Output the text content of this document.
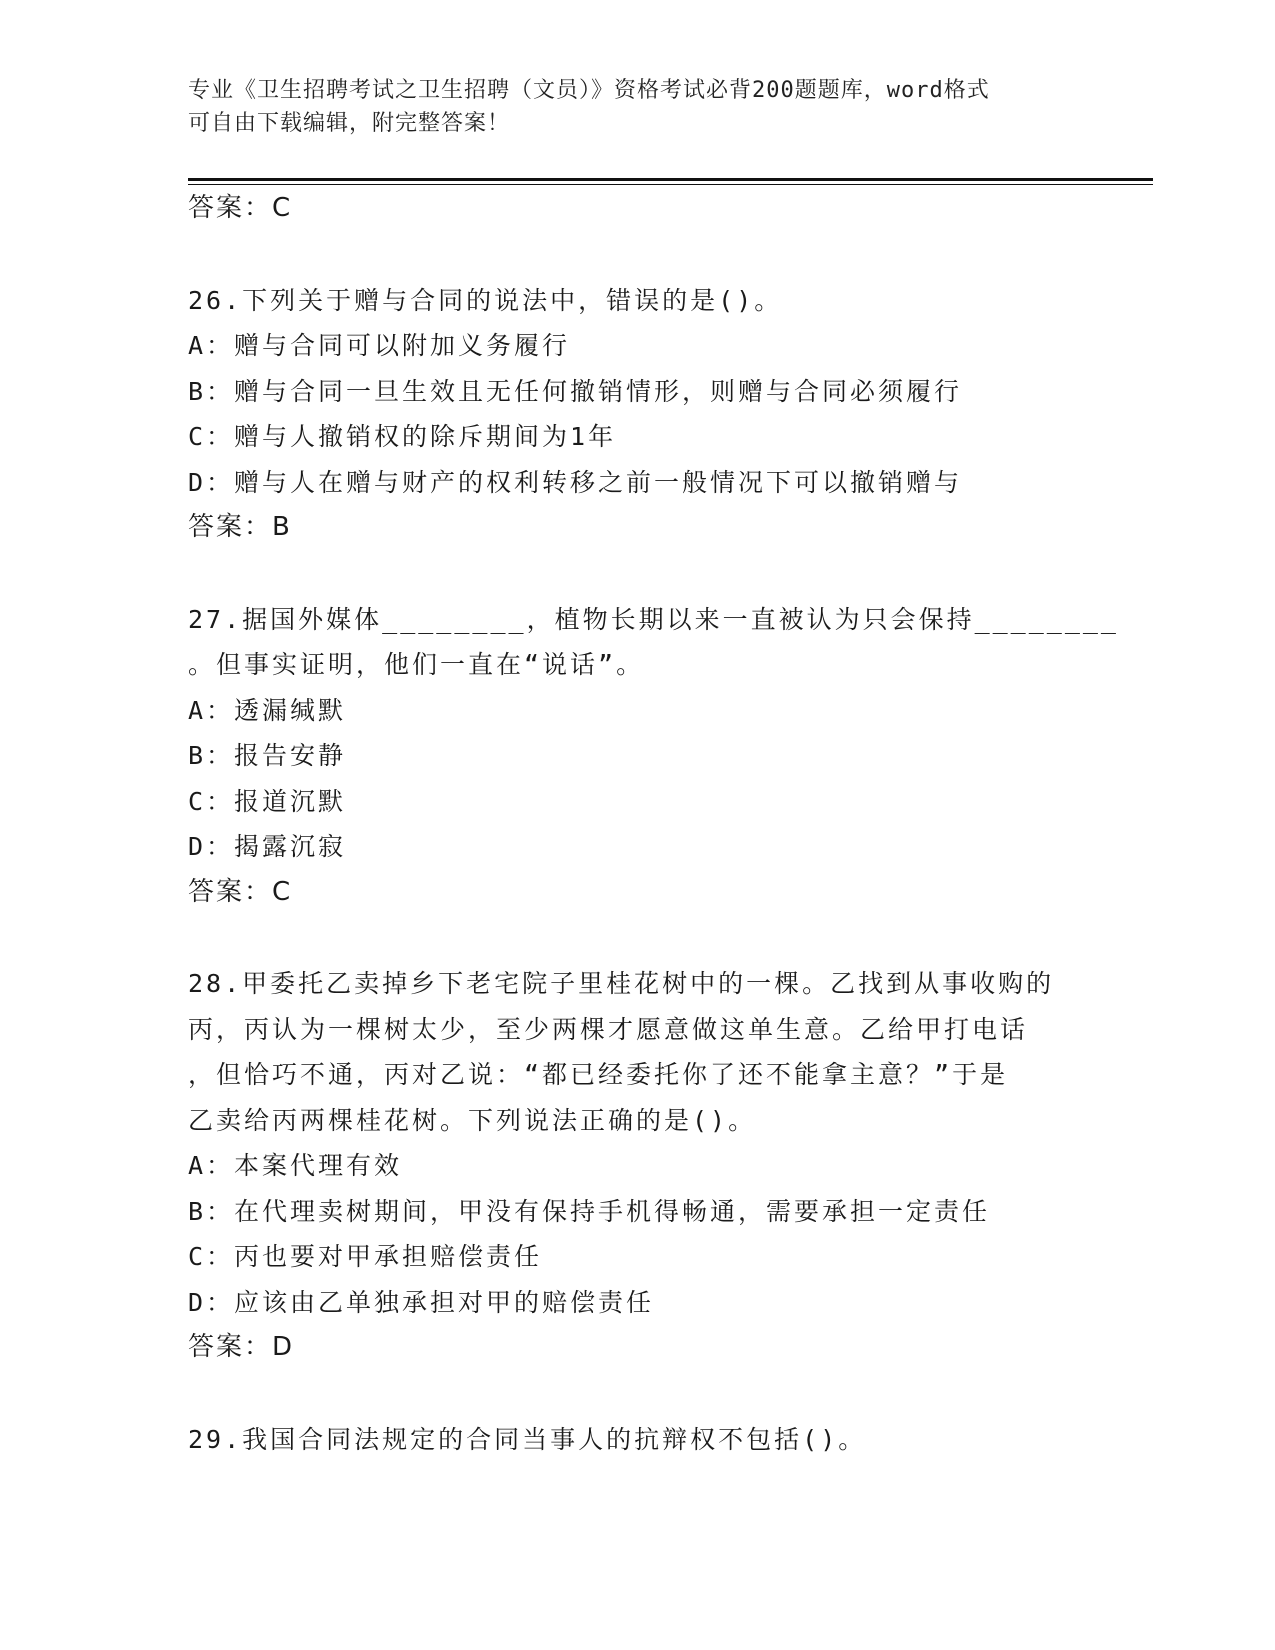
专业《卫生招聘考试之卫生招聘（文员）》资格考试必背200题题库，word格式
可自由下载编辑，附完整答案！
答案：C
26.下列关于赠与合同的说法中，错误的是()。
A：赠与合同可以附加义务履行
B：赠与合同一旦生效且无任何撤销情形，则赠与合同必须履行
C：赠与人撤销权的除斥期间为1年
D：赠与人在赠与财产的权利转移之前一般情况下可以撤销赠与
答案：B
27.据国外媒体________，植物长期以来一直被认为只会保持________
。但事实证明，他们一直在“说话”。
A：透漏缄默
B：报告安静
C：报道沉默
D：揭露沉寂
答案：C
28.甲委托乙卖掉乡下老宅院子里桂花树中的一棵。乙找到从事收购的
丙，丙认为一棵树太少，至少两棵才愿意做这单生意。乙给甲打电话
，但恰巧不通，丙对乙说：“都已经委托你了还不能拿主意？”于是
乙卖给丙两棵桂花树。下列说法正确的是()。
A：本案代理有效
B：在代理卖树期间，甲没有保持手机得畅通，需要承担一定责任
C：丙也要对甲承担赔偿责任
D：应该由乙单独承担对甲的赔偿责任
答案：D
29.我国合同法规定的合同当事人的抗辩权不包括()。
